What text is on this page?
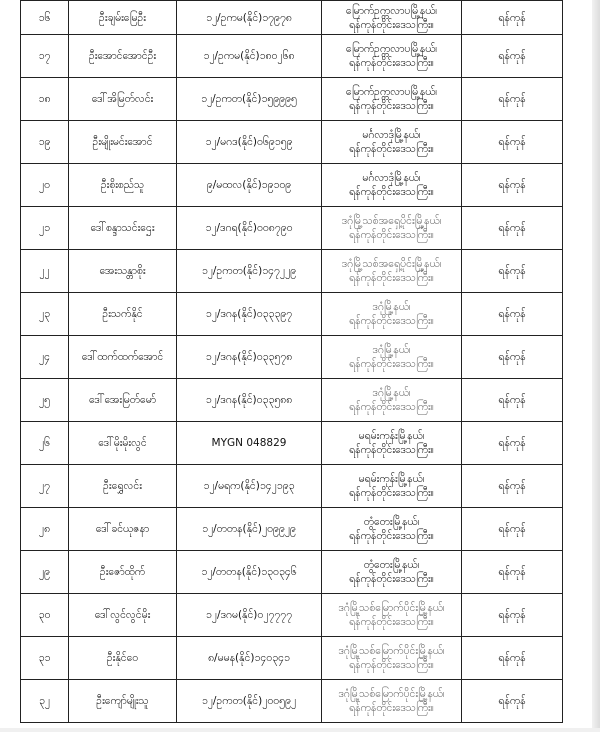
၁၆	ဦးချမ်းမြေဦး	၁၂/ဥကမ(နိုင်)၁၇၉၇၈	မြောက်ဥက္ကလာပမြို့နယ်၊
ရန်ကုန်တိုင်းဒေသကြီး။	ရန်ကုန်
၁၇	ဦးအောင်အောင်ဦး	၁၂/ဥကမ(နိုင်)၁၈၀၂၆၈	မြောက်ဥက္ကလာပမြို့နယ်၊
ရန်ကုန်တိုင်းဒေသကြီး။	ရန်ကုန်
၁၈	ဒေါ်အိမြတ်လင်း	၁၂/ဥကတ(နိုင်)၁၅၉၉၉၅	မြောက်ဥက္ကလာပမြို့နယ်၊
ရန်ကုန်တိုင်းဒေသကြီး။	ရန်ကုန်
၁၉	ဦးမျိုးမင်းအောင်	၁၂/မဂဒ(နိုင်)၀၆၉၁၅၉	မင်္ဂလာဒုံမြို့နယ်၊
ရန်ကုန်တိုင်းဒေသကြီး။	ရန်ကုန်
၂၀	ဦးစိုးစည်သူ	၉/မထလ(နိုင်)၁၉၁၀၉	မင်္ဂလာဒုံမြို့နယ်၊
ရန်ကုန်တိုင်းဒေသကြီး။	ရန်ကုန်
၂၁	ဒေါ်စန္ဒာသင်းဌေး	၁၂/ဒဂရ(နိုင်)၀၀၈၇၉၀	ဒဂုံမြို့သစ်အရှေ့ပိုင်းမြို့နယ်၊
ရန်ကုန်တိုင်းဒေသကြီး။	ရန်ကုန်
၂၂	အေးသန္တာစိုး	၁၂/ဥကတ(နိုင်)၁၄၇၂၂၉	ဒဂုံမြို့သစ်အရှေ့ပိုင်းမြို့နယ်၊
ရန်ကုန်တိုင်းဒေသကြီး။	ရန်ကုန်
၂၃	ဦးသက်နိုင်	၁၂/ဒဂန(နိုင်)၀၃၃၃၉၇	ဒဂုံမြို့နယ်၊
ရန်ကုန်တိုင်းဒေသကြီး။	ရန်ကုန်
၂၄	ဒေါ်ထက်ထက်အောင်	၁၂/ဒဂန(နိုင်)၀၃၃၅၇၈	ဒဂုံမြို့နယ်၊
ရန်ကုန်တိုင်းဒေသကြီး။	ရန်ကုန်
၂၅	ဒေါ်အေးမြတ်မော်	၁၂/ဒဂန(နိုင်)၀၃၃၅၈၈	ဒဂုံမြို့နယ်၊
ရန်ကုန်တိုင်းဒေသကြီး။	ရန်ကုန်
၂၆	ဒေါ်မိုးမိုးလွင်	MYGN 048829	မရမ်းကုန်းမြို့နယ်၊
ရန်ကုန်တိုင်းဒေသကြီး။	ရန်ကုန်
၂၇	ဦးရွှေလင်း	၁၂/မရက(နိုင်)၁၄၂၁၉၃	မရမ်းကုန်းမြို့နယ်၊
ရန်ကုန်တိုင်းဒေသကြီး။	ရန်ကုန်
၂၈	ဒေါ်ခင်ယုဇနာ	၁၂/တတန(နိုင်)၂၀၉၉၂၉	တွံတေးမြို့နယ်၊
ရန်ကုန်တိုင်းဒေသကြီး။	ရန်ကုန်
၂၉	ဦးဇော်ထိုက်	၁၂/တတန(နိုင်)၁၃၀၃၄၆	တွံတေးမြို့နယ်၊
ရန်ကုန်တိုင်းဒေသကြီး။	ရန်ကုန်
၃၀	ဒေါ်လွင်လွင်မိုး	၁၂/ဒဂမ(နိုင်)၀၂၇၇၇၇	ဒဂုံမြို့သစ်မြောက်ပိုင်းမြို့နယ်၊
ရန်ကုန်တိုင်းဒေသကြီး။	ရန်ကုန်
၃၁	ဦးနိုင်ဝေ	၈/မမန(နိုင်)၁၄၀၃၄၁	ဒဂုံမြို့သစ်မြောက်ပိုင်းမြို့နယ်၊
ရန်ကုန်တိုင်းဒေသကြီး။	ရန်ကုန်
၃၂	ဦးကျော်မျိုးသူ	၁၂/ဥကတ(နိုင်)၂၀၀၅၉၂	ဒဂုံမြို့သစ်မြောက်ပိုင်းမြို့နယ်၊
ရန်ကုန်တိုင်းဒေသကြီး။	ရန်ကုန်
